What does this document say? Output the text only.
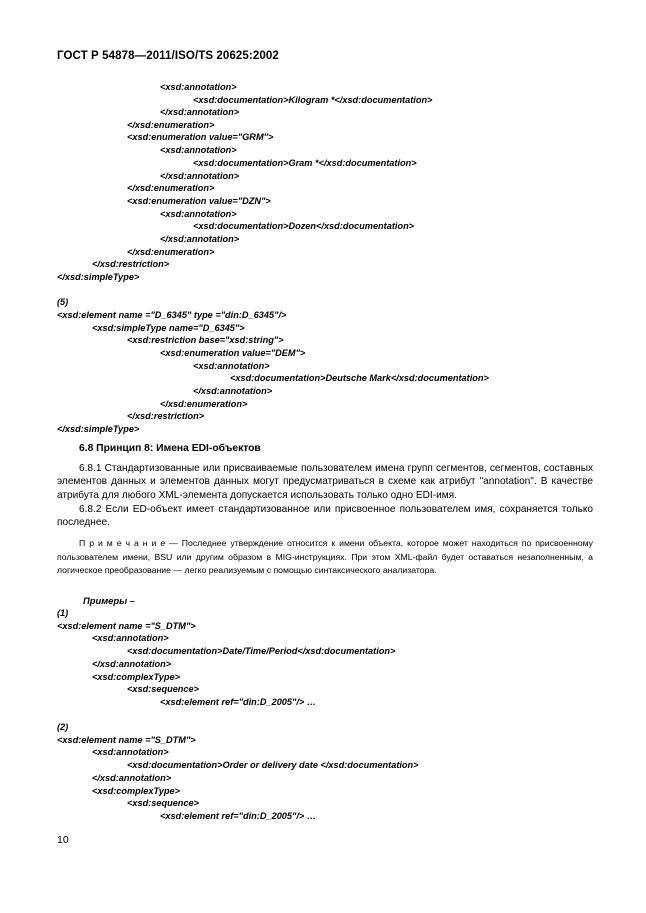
ГОСТ Р 54878—2011/ISO/TS 20625:2002
<xsd:annotation>
<xsd:documentation>Kilogram *</xsd:documentation>
</xsd:annotation>
</xsd:enumeration>
<xsd:enumeration value="GRM">
<xsd:annotation>
<xsd:documentation>Gram *</xsd:documentation>
</xsd:annotation>
</xsd:enumeration>
<xsd:enumeration value="DZN">
<xsd:annotation>
<xsd:documentation>Dozen</xsd:documentation>
</xsd:annotation>
</xsd:enumeration>
</xsd:restriction>
</xsd:simpleType>
(5)
<xsd:element name ="D_6345" type ="din:D_6345"/>
<xsd:simpleType name="D_6345">
<xsd:restriction base="xsd:string">
<xsd:enumeration value="DEM">
<xsd:annotation>
<xsd:documentation>Deutsche Mark</xsd:documentation>
</xsd:annotation>
</xsd:enumeration>
</xsd:restriction>
</xsd:simpleType>
6.8 Принцип 8: Имена EDI-объектов
6.8.1 Стандартизованные или присваиваемые пользователем имена групп сегментов, сегментов, составных элементов данных и элементов данных могут предусматриваться в схеме как атрибут "annotation". В качестве атрибута для любого XML-элемента допускается использовать только одно EDI-имя.
6.8.2 Если ED-объект имеет стандартизованное или присвоенное пользователем имя, сохраняется только последнее.
П р и м е ч а н и е — Последнее утверждение относится к имени объекта, которое может находиться по присвоенному пользователем имени, BSU или другим образом в MIG-инструкциях. При этом XML-файл будет оставаться незаполненным, а логическое преобразование — легко реализуемым с помощью синтаксического анализатора.
Примеры –
(1)
<xsd:element name ="S_DTM">
<xsd:annotation>
<xsd:documentation>Date/Time/Period</xsd:documentation>
</xsd:annotation>
<xsd:complexType>
<xsd:sequence>
<xsd:element ref="din:D_2005"/> …
(2)
<xsd:element name ="S_DTM">
<xsd:annotation>
<xsd:documentation>Order or delivery date </xsd:documentation>
</xsd:annotation>
<xsd:complexType>
<xsd:sequence>
<xsd:element ref="din:D_2005"/> …
10
